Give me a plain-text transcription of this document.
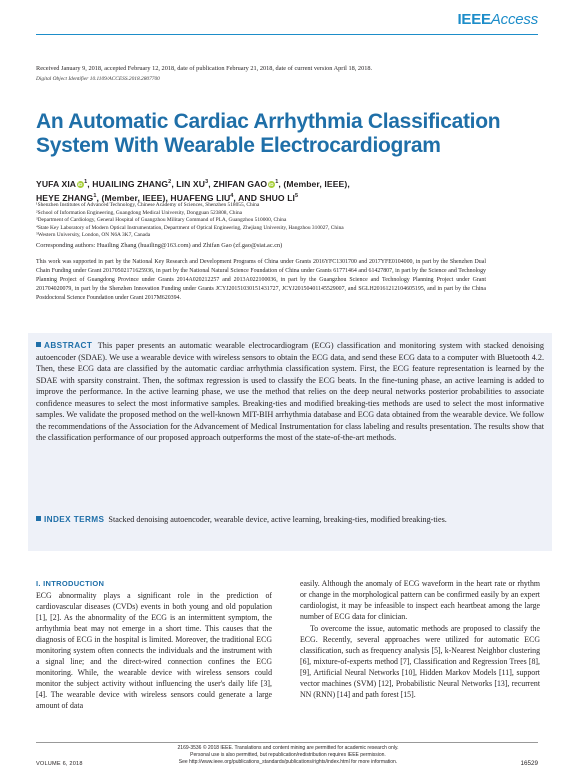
IEEEAccess
Received January 9, 2018, accepted February 12, 2018, date of publication February 21, 2018, date of current version April 18, 2018.
Digital Object Identifier 10.1109/ACCESS.2018.2807700
An Automatic Cardiac Arrhythmia Classification System With Wearable Electrocardiogram
YUFA XIA iD $^1$, HUAILING ZHANG$^2$, LIN $XU^3$, ZHIFAN GAO iD $^1$, (Member, IEEE),
HEYE ZHANG$^1$, (Member, IEEE), HUAFENG LIU$^4$, AND SHUO $LI^5$
¹Shenzhen Institutes of Advanced Technology, Chinese Academy of Sciences, Shenzhen 518055, China
²School of Information Engineering, Guangdong Medical University, Dongguan 523808, China
³Department of Cardiology, General Hospital of Guangzhou Military Command of PLA, Guangzhou 510000, China
⁴State Key Laboratory of Modern Optical Instrumentation, Department of Optical Engineering, Zhejiang University, Hangzhou 310027, China
⁵Western University, London, ON N6A 3K7, Canada
Corresponding authors: Huailing Zhang (huailing@163.com) and Zhifan Gao (zf.gao@siat.ac.cn)
This work was supported in part by the National Key Research and Development Programs of China under Grants 2016YFC1301700 and 2017YFE0104000, in part by the Shenzhen Dual Chain Funding under Grant 20170502171625936, in part by the National Natural Science Foundation of China under Grants 61771464 and 61427807, in part by the Science and Technology Planning Project of Guangdong Province under Grants 2014A020212257 and 2013A022100036, in part by the Guangzhou Science and Technology Planning Project under Grant 201704020079, in part by the Shenzhen Innovation Funding under Grants JCYJ20151030151431727, JCYJ20150401145529007, and SGLH20161212104605195, and in part by the China Postdoctoral Science Foundation under Grant 2017M620394.
ABSTRACT This paper presents an automatic wearable electrocardiogram (ECG) classification and monitoring system with stacked denoising autoencoder (SDAE). We use a wearable device with wireless sensors to obtain the ECG data, and send these ECG data to a computer with Bluetooth 4.2. Then, these ECG data are classified by the automatic cardiac arrhythmia classification system. First, the ECG feature representation is learned by the SDAE with sparsity constraint. Then, the softmax regression is used to classify the ECG beats. In the fine-tuning phase, an active learning is added to improve the performance. In the active learning phase, we use the method that relies on the deep neural networks posterior probabilities to associate confidence measures to select the most informative samples. Breaking-ties and modified breaking-ties methods are used to select the most informative samples. We validate the proposed method on the well-known MIT-BIH arrhythmia database and ECG data obtained from the wearable device. We follow the recommendations of the Association for the Advancement of Medical Instrumentation for class labeling and results presentation. The results show that the classification performance of our proposed approach outperforms the most of the state-of-the-art methods.
INDEX TERMS Stacked denoising autoencoder, wearable device, active learning, breaking-ties, modified breaking-ties.
I. INTRODUCTION

ECG abnormality plays a significant role in the prediction of cardiovascular diseases (CVDs) events in both young and old population [1], [2]. As the abnormality of the ECG is an intermittent symptom, the arrhythmia beat may not emerge in a short time. This causes that the diagnosis of ECG in the hospital is limited. Moreover, the traditional ECG monitoring system often connects the individuals and the instrument with a signal line; and the direct-wired connection confines the ECG monitoring. While, the wearable device with wireless sensors could monitor the subject activity without influencing the user's daily life [3], [4]. The wearable device with wireless sensors could generate a large amount of data

easily. Although the anomaly of ECG waveform in the heart rate or rhythm or change in the morphological pattern can be confirmed easily by an expert cardiologist, it may be infeasible to inspect each heartbeat among the large number of ECG data for clinician.

To overcome the issue, automatic methods are proposed to classify the ECG. Recently, several approaches were utilized for automatic ECG classification, such as frequency analysis [5], k-Nearest Neighbor clustering [6], mixture-of-experts method [7], Classification and Regression Trees [8], [9], Artificial Neural Networks [10], Hidden Markov Models [11], support vector machines (SVM) [12], Probabilistic Neural Networks [13], recurrent NN (RNN) [14] and path forest [15].

VOLUME 6, 2018
2169-3536 © 2018 IEEE. Translations and content mining are permitted for academic research only.
Personal use is also permitted, but republication/redistribution requires IEEE permission.
See http://www.ieee.org/publications_standards/publications/rights/index.html for more information.	16529
